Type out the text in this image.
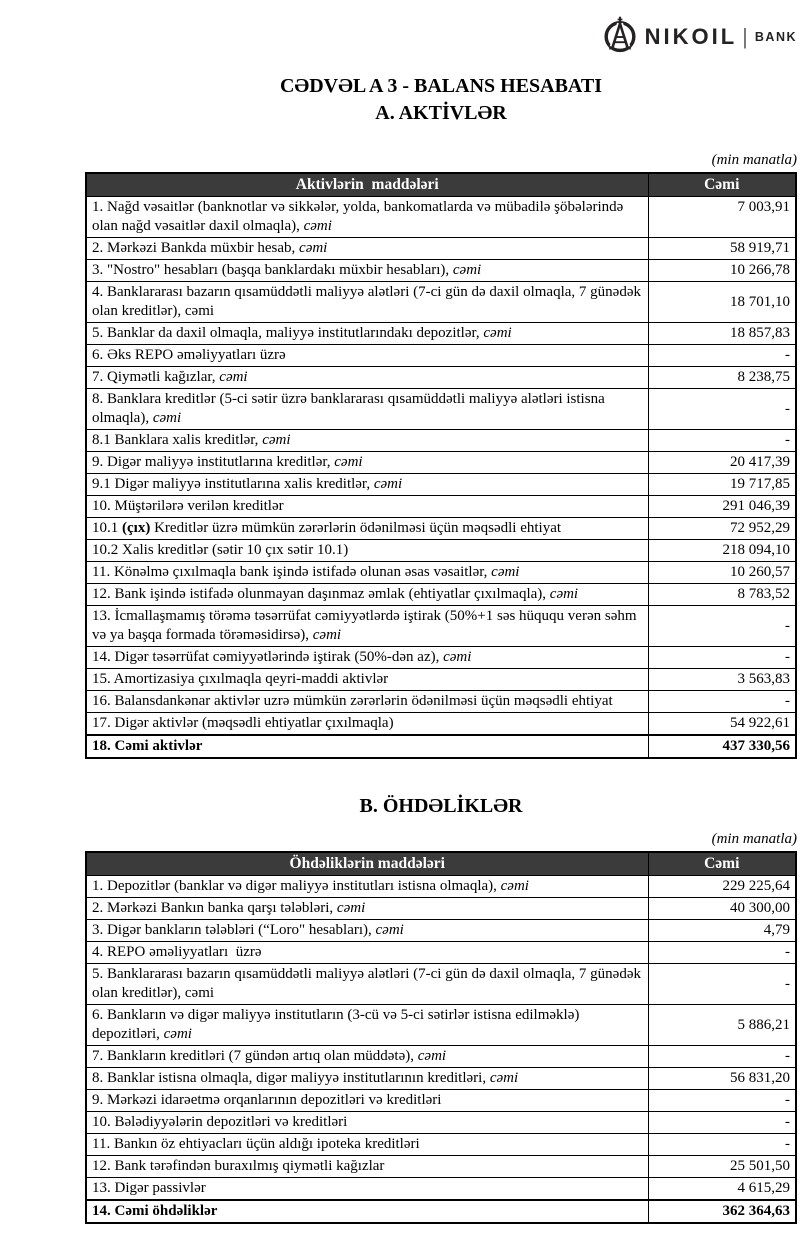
NIKOIL | BANK
CƏDVƏL A 3 - BALANS HESABATI
A. AKTİVLƏR
(min manatla)
Aktivlərin  maddələri	Cəmi
1. Nağd vəsaitlər (banknotlar və sikkələr, yolda, bankomatlarda və mübadilə şöbələrində olan nağd vəsaitlər daxil olmaqla), cəmi	7 003,91
2. Mərkəzi Bankda müxbir hesab, cəmi	58 919,71
3. "Nostro" hesabları (başqa banklardakı müxbir hesabları), cəmi	10 266,78
4. Banklararası bazarın qısamüddətli maliyyə alətləri (7-ci gün də daxil olmaqla, 7 günədək olan kreditlər), cəmi	18 701,10
5. Banklar da daxil olmaqla, maliyyə institutlarındakı depozitlər, cəmi	18 857,83
6. Əks REPO əməliyyatları üzrə	-
7. Qiymətli kağızlar, cəmi	8 238,75
8. Banklara kreditlər (5-ci sətir üzrə banklararası qısamüddətli maliyyə alətləri istisna olmaqla), cəmi	-
8.1 Banklara xalis kreditlər, cəmi	-
9. Digər maliyyə institutlarına kreditlər, cəmi	20 417,39
9.1 Digər maliyyə institutlarına xalis kreditlər, cəmi	19 717,85
10. Müştərilərə verilən kreditlər	291 046,39
10.1 (çıx) Kreditlər üzrə mümkün zərərlərin ödənilməsi üçün məqsədli ehtiyat	72 952,29
10.2 Xalis kreditlər (sətir 10 çıx sətir 10.1)	218 094,10
11. Könəlmə çıxılmaqla bank işində istifadə olunan əsas vəsaitlər, cəmi	10 260,57
12. Bank işində istifadə olunmayan daşınmaz əmlak (ehtiyatlar çıxılmaqla), cəmi	8 783,52
13. İcmallaşmamış törəmə təsərrüfat cəmiyyətlərdə iştirak (50%+1 səs hüququ verən səhm və ya başqa formada törəməsidirsə), cəmi	-
14. Digər təsərrüfat cəmiyyətlərində iştirak (50%-dən az), cəmi	-
15. Amortizasiya çıxılmaqla qeyri-maddi aktivlər	3 563,83
16. Balansdankənar aktivlər uzrə mümkün zərərlərin ödənilməsi üçün məqsədli ehtiyat	-
17. Digər aktivlər (məqsədli ehtiyatlar çıxılmaqla)	54 922,61
18. Cəmi aktivlər	437 330,56
B. ÖHDƏLİKLƏR
(min manatla)
Öhdəliklərin maddələri	Cəmi
1. Depozitlər (banklar və digər maliyyə institutları istisna olmaqla), cəmi	229 225,64
2. Mərkəzi Bankın banka qarşı tələbləri, cəmi	40 300,00
3. Digər bankların tələbləri (“Loro" hesabları), cəmi	4,79
4. REPO əməliyyatları  üzrə	-
5. Banklararası bazarın qısamüddətli maliyyə alətləri (7-ci gün də daxil olmaqla, 7 günədək olan kreditlər), cəmi	-
6. Bankların və digər maliyyə institutların (3-cü və 5-ci sətirlər istisna edilməklə) depozitləri, cəmi	5 886,21
7. Bankların kreditləri (7 gündən artıq olan müddətə), cəmi	-
8. Banklar istisna olmaqla, digər maliyyə institutlarının kreditləri, cəmi	56 831,20
9. Mərkəzi idarəetmə orqanlarının depozitləri və kreditləri	-
10. Bələdiyyələrin depozitləri və kreditləri	-
11. Bankın öz ehtiyacları üçün aldığı ipoteka kreditləri	-
12. Bank tərəfindən buraxılmış qiymətli kağızlar	25 501,50
13. Digər passivlər	4 615,29
14. Cəmi öhdəliklər	362 364,63
